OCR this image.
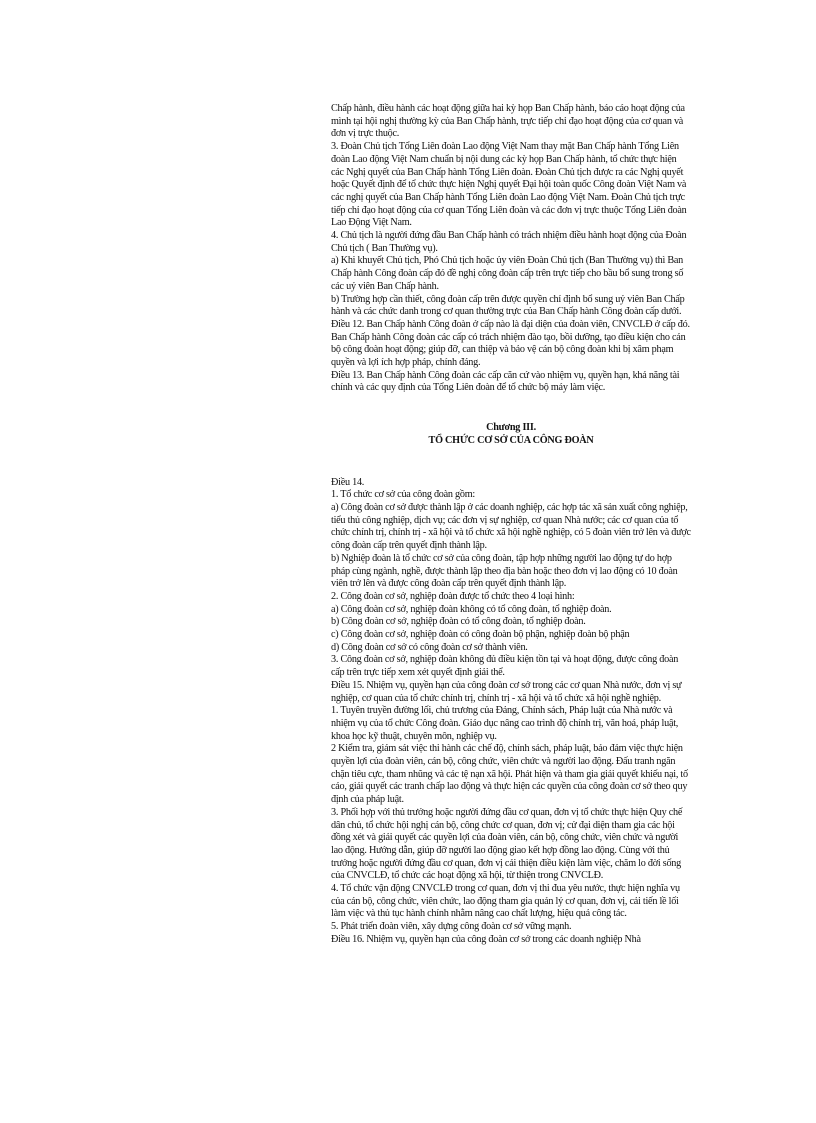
Chấp hành, điều hành các hoạt động giữa hai kỳ họp Ban Chấp hành, báo cáo hoạt động của mình tại hội nghị thường kỳ của Ban Chấp hành, trực tiếp chỉ đạo hoạt động của cơ quan và đơn vị trực thuộc.

3. Đoàn Chủ tịch Tổng Liên đoàn Lao động Việt Nam thay mặt Ban Chấp hành Tổng Liên đoàn Lao động Việt Nam chuẩn bị nội dung các kỳ họp Ban Chấp hành, tổ chức thực hiện các Nghị quyết của Ban Chấp hành Tổng Liên đoàn. Đoàn Chủ tịch được ra các Nghị quyết hoặc Quyết định để tổ chức thực hiện Nghị quyết Đại hội toàn quốc Công đoàn Việt Nam và các nghị quyết của Ban Chấp hành Tổng Liên đoàn Lao động Việt Nam. Đoàn Chủ tịch trực tiếp chỉ đạo hoạt động của cơ quan Tổng Liên đoàn và các đơn vị trực thuộc Tổng Liên đoàn Lao Động Việt Nam.

4. Chủ tịch là người đứng đầu Ban Chấp hành có trách nhiệm điều hành hoạt động của Đoàn Chủ tịch ( Ban Thường vụ).

a) Khi khuyết Chủ tịch, Phó Chủ tịch hoặc ủy viên Đoàn Chủ tịch (Ban Thường vụ) thì Ban Chấp hành Công đoàn cấp đó đề nghị công đoàn cấp trên trực tiếp cho bầu bổ sung trong số các uỷ viên Ban Chấp hành.

b) Trường hợp cần thiết, công đoàn cấp trên được quyền chỉ định bổ sung uỷ viên Ban Chấp hành và các chức danh trong cơ quan thường trực của Ban Chấp hành Công đoàn cấp dưới.

Điều 12. Ban Chấp hành Công đoàn ở cấp nào là đại diện của đoàn viên, CNVCLĐ ở cấp đó.

Ban Chấp hành Công đoàn các cấp có trách nhiệm đào tạo, bồi dưỡng, tạo điều kiện cho cán bộ công đoàn hoạt động; giúp đỡ, can thiệp và bảo vệ cán bộ công đoàn khi bị xâm phạm quyền và lợi ích hợp pháp, chính đáng.

Điều 13. Ban Chấp hành Công đoàn các cấp căn cứ vào nhiệm vụ, quyền hạn, khả năng tài chính và các quy định của Tổng Liên đoàn để tổ chức bộ máy làm việc.

Chương III.
TỔ CHỨC CƠ SỞ CỦA CÔNG ĐOÀN

Điều 14.

1. Tổ chức cơ sở của công đoàn gồm:

a) Công đoàn cơ sở được thành lập ở các doanh nghiệp, các hợp tác xã sản xuất công nghiệp, tiểu thủ công nghiệp, dịch vụ; các đơn vị sự nghiệp, cơ quan Nhà nước; các cơ quan của tổ chức chính trị, chính trị - xã hội và tổ chức xã hội nghề nghiệp, có 5 đoàn viên trở lên và được công đoàn cấp trên quyết định thành lập.

b) Nghiệp đoàn là tổ chức cơ sở của công đoàn, tập hợp những người lao động tự do hợp pháp cùng ngành, nghề, được thành lập theo địa bàn hoặc theo đơn vị lao động có 10 đoàn viên trở lên và được công đoàn cấp trên quyết định thành lập.

2. Công đoàn cơ sở, nghiệp đoàn được tổ chức theo 4 loại hình:

a) Công đoàn cơ sở, nghiệp đoàn không có tổ công đoàn, tổ nghiệp đoàn.

b) Công đoàn cơ sở, nghiệp đoàn có tổ công đoàn, tổ nghiệp đoàn.

c) Công đoàn cơ sở, nghiệp đoàn có công đoàn bộ phận, nghiệp đoàn bộ phận

d) Công đoàn cơ sở có công đoàn cơ sở thành viên.

3. Công đoàn cơ sở, nghiệp đoàn không đủ điều kiện tồn tại và hoạt động, được công đoàn cấp trên trực tiếp xem xét quyết định giải thể.

Điều 15. Nhiệm vụ, quyền hạn của công đoàn cơ sở trong các cơ quan Nhà nước, đơn vị sự nghiệp, cơ quan của tổ chức chính trị, chính trị - xã hội và tổ chức xã hội nghề nghiệp.

1. Tuyên truyền đường lối, chủ trương của Đảng, Chính sách, Pháp luật của Nhà nước và nhiệm vụ của tổ chức Công đoàn. Giáo dục nâng cao trình độ chính trị, văn hoá, pháp luật, khoa học kỹ thuật, chuyên môn, nghiệp vụ.

2 Kiểm tra, giám sát việc thi hành các chế độ, chính sách, pháp luật, bảo đảm việc thực hiện quyền lợi của đoàn viên, cán bộ, công chức, viên chức và người lao động. Đấu tranh ngăn chặn tiêu cực, tham nhũng và các tệ nạn xã hội. Phát hiện và tham gia giải quyết khiếu nại, tố cáo, giải quyết các tranh chấp lao động và thực hiện các quyền của công đoàn cơ sở theo quy định của pháp luật.

3. Phối hợp với thủ trưởng hoặc người đứng đầu cơ quan, đơn vị tổ chức thực hiện Quy chế dân chủ, tổ chức hội nghị cán bộ, công chức cơ quan, đơn vị; cử đại diện tham gia các hội đồng xét và giải quyết các quyền lợi của đoàn viên, cán bộ, công chức, viên chức và người lao động. Hướng dẫn, giúp đỡ người lao động giao kết hợp đồng lao động. Cùng với thủ trưởng hoặc người đứng đầu cơ quan, đơn vị cải thiện điều kiện làm việc, chăm lo đời sống của CNVCLĐ, tổ chức các hoạt động xã hội, từ thiện trong CNVCLĐ.

4. Tổ chức vận động CNVCLĐ trong cơ quan, đơn vị thi đua yêu nước, thực hiện nghĩa vụ của cán bộ, công chức, viên chức, lao động tham gia quản lý cơ quan, đơn vị, cải tiến lề lối làm việc và thủ tục hành chính nhằm nâng cao chất lượng, hiệu quả công tác.

5. Phát triển đoàn viên, xây dựng công đoàn cơ sở vững mạnh.

Điều 16. Nhiệm vụ, quyền hạn của công đoàn cơ sở trong các doanh nghiệp Nhà
